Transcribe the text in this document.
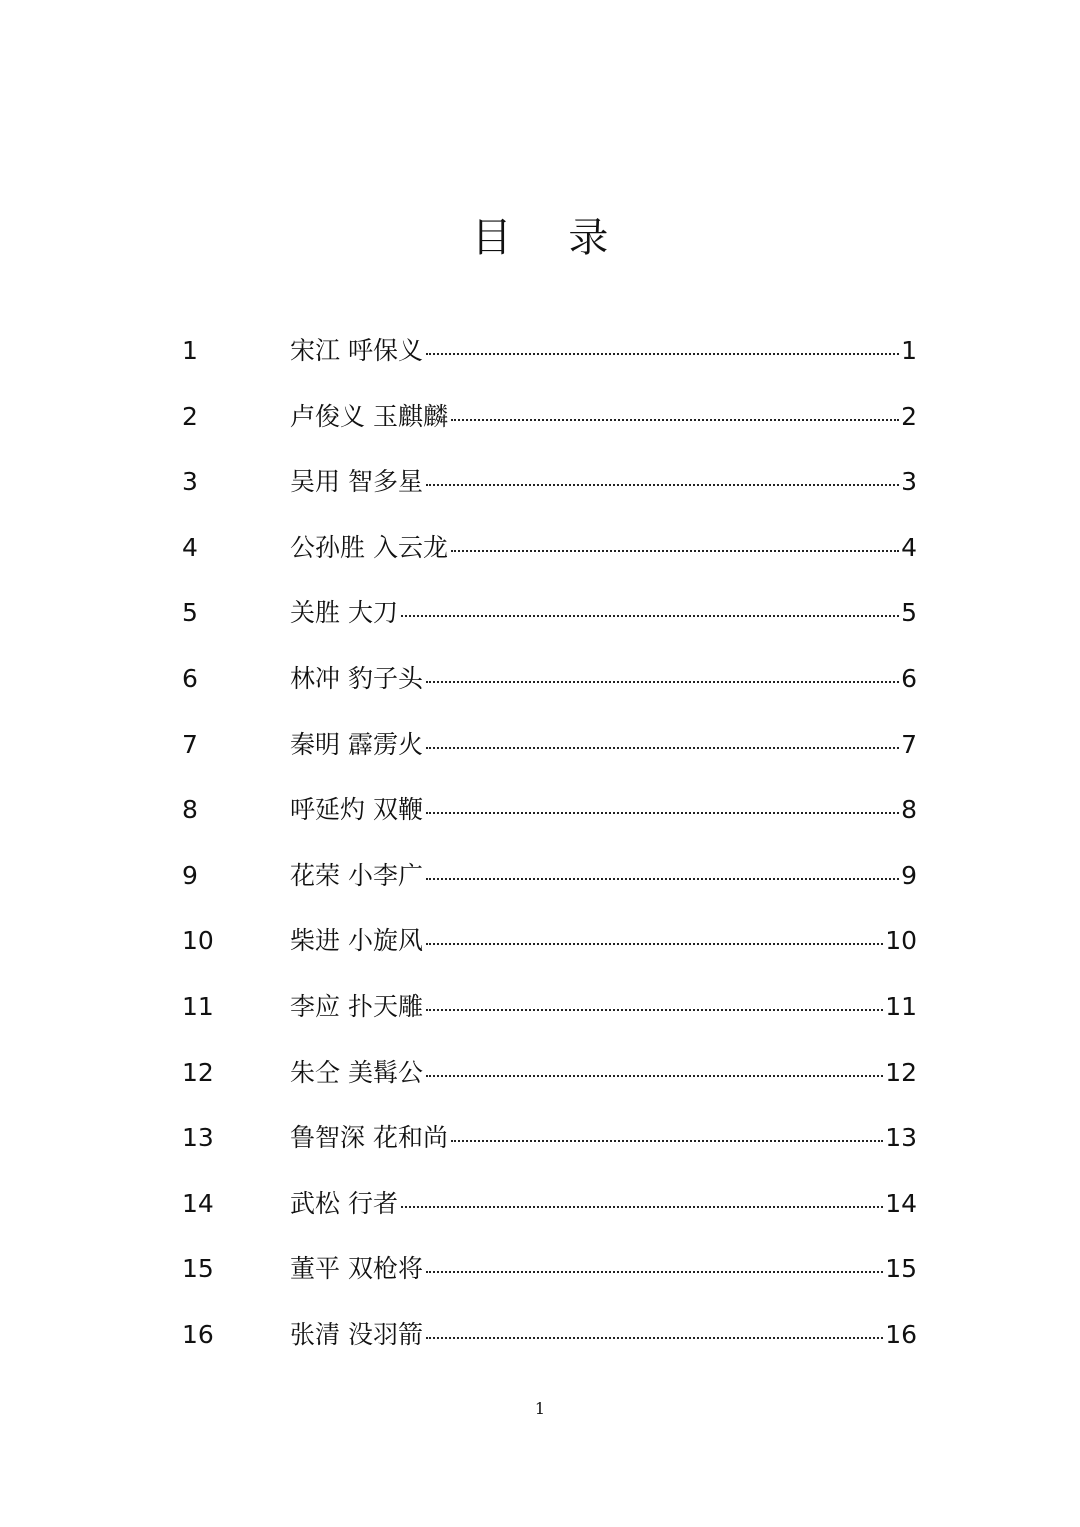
目 录
1	宋江 呼保义	1
2	卢俊义 玉麒麟	2
3	吴用 智多星	3
4	公孙胜 入云龙	4
5	关胜 大刀	5
6	林冲 豹子头	6
7	秦明 霹雳火	7
8	呼延灼 双鞭	8
9	花荣 小李广	9
10	柴进 小旋风	10
11	李应 扑天雕	11
12	朱仝 美髯公	12
13	鲁智深 花和尚	13
14	武松 行者	14
15	董平 双枪将	15
16	张清 没羽箭	16
1
